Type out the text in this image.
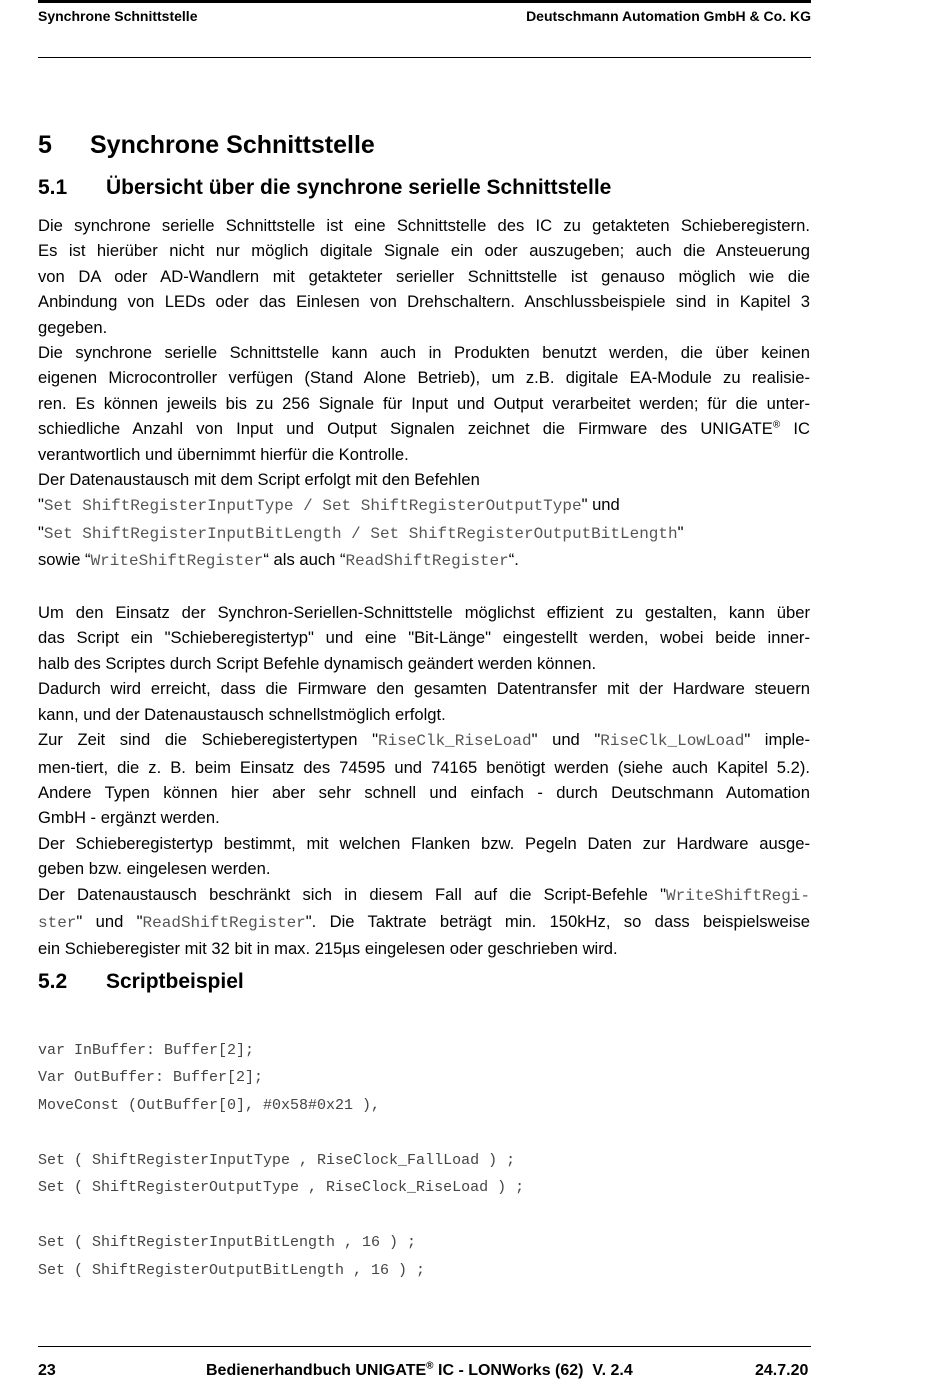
Synchrone Schnittstelle	Deutschmann Automation GmbH & Co. KG
5 Synchrone Schnittstelle
5.1 Übersicht über die synchrone serielle Schnittstelle
Die synchrone serielle Schnittstelle ist eine Schnittstelle des IC zu getakteten Schieberegistern.
Es ist hierüber nicht nur möglich digitale Signale ein oder auszugeben; auch die Ansteuerung
von DA oder AD-Wandlern mit getakteter serieller Schnittstelle ist genauso möglich wie die
Anbindung von LEDs oder das Einlesen von Drehschaltern. Anschlussbeispiele sind in Kapitel 3
gegeben.
Die synchrone serielle Schnittstelle kann auch in Produkten benutzt werden, die über keinen
eigenen Microcontroller verfügen (Stand Alone Betrieb), um z.B. digitale EA-Module zu realisie-
ren. Es können jeweils bis zu 256 Signale für Input und Output verarbeitet werden; für die unter-
schiedliche Anzahl von Input und Output Signalen zeichnet die Firmware des UNIGATE® IC
verantwortlich und übernimmt hierfür die Kontrolle.
Der Datenaustausch mit dem Script erfolgt mit den Befehlen
"Set ShiftRegisterInputType / Set ShiftRegisterOutputType" und
"Set ShiftRegisterInputBitLength / Set ShiftRegisterOutputBitLength"
sowie “WriteShiftRegister“ als auch “ReadShiftRegister“.
Um den Einsatz der Synchron-Seriellen-Schnittstelle möglichst effizient zu gestalten, kann über
das Script ein "Schieberegistertyp" und eine "Bit-Länge" eingestellt werden, wobei beide inner-
halb des Scriptes durch Script Befehle dynamisch geändert werden können.
Dadurch wird erreicht, dass die Firmware den gesamten Datentransfer mit der Hardware steuern
kann, und der Datenaustausch schnellstmöglich erfolgt.
Zur Zeit sind die Schieberegistertypen "RiseClk_RiseLoad" und "RiseClk_LowLoad" imple-
men-tiert, die z. B. beim Einsatz des 74595 und 74165 benötigt werden (siehe auch Kapitel 5.2).
Andere Typen können hier aber sehr schnell und einfach - durch Deutschmann Automation
GmbH - ergänzt werden.
Der Schieberegistertyp bestimmt, mit welchen Flanken bzw. Pegeln Daten zur Hardware ausge-
geben bzw. eingelesen werden.
Der Datenaustausch beschränkt sich in diesem Fall auf die Script-Befehle "WriteShiftRegi-
ster" und "ReadShiftRegister". Die Taktrate beträgt min. 150kHz, so dass beispielsweise
ein Schieberegister mit 32 bit in max. 215µs eingelesen oder geschrieben wird.
5.2 Scriptbeispiel

var InBuffer: Buffer[2];
Var OutBuffer: Buffer[2];
MoveConst (OutBuffer[0], #0x58#0x21 ),

Set ( ShiftRegisterInputType , RiseClock_FallLoad ) ;
Set ( ShiftRegisterOutputType , RiseClock_RiseLoad ) ;

Set ( ShiftRegisterInputBitLength , 16 ) ;
Set ( ShiftRegisterOutputBitLength , 16 ) ;

23	Bedienerhandbuch UNIGATE® IC - LONWorks (62)  V. 2.4	24.7.20
